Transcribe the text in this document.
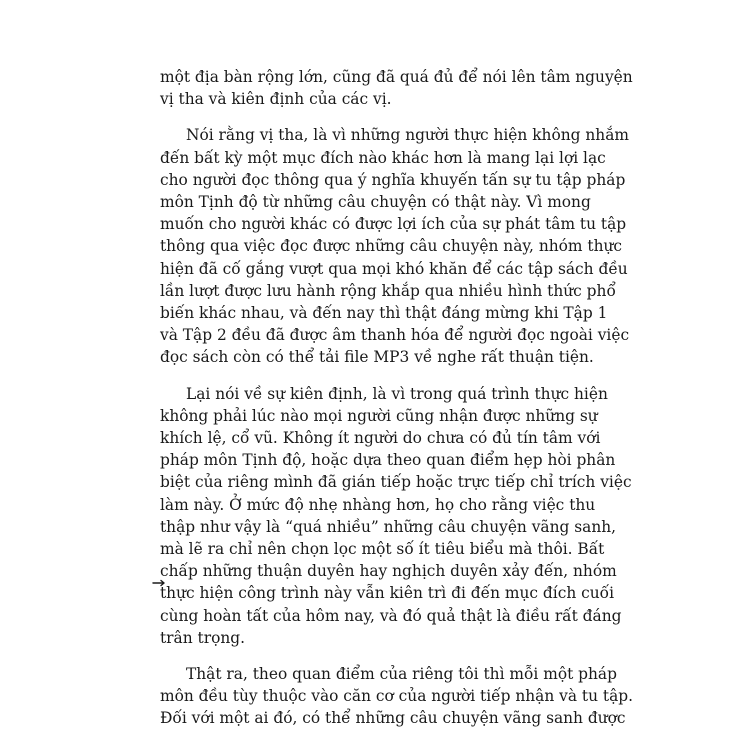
một địa bàn rộng lớn, cũng đã quá đủ để nói lên tâm nguyện
vị tha và kiên định của các vị.

Nói rằng vị tha, là vì những người thực hiện không nhắm
đến bất kỳ một mục đích nào khác hơn là mang lại lợi lạc
cho người đọc thông qua ý nghĩa khuyến tấn sự tu tập pháp
môn Tịnh độ từ những câu chuyện có thật này. Vì mong
muốn cho người khác có được lợi ích của sự phát tâm tu tập
thông qua việc đọc được những câu chuyện này, nhóm thực
hiện đã cố gắng vượt qua mọi khó khăn để các tập sách đều
lần lượt được lưu hành rộng khắp qua nhiều hình thức phổ
biến khác nhau, và đến nay thì thật đáng mừng khi Tập 1
và Tập 2 đều đã được âm thanh hóa để người đọc ngoài việc
đọc sách còn có thể tải file MP3 về nghe rất thuận tiện.

Lại nói về sự kiên định, là vì trong quá trình thực hiện
không phải lúc nào mọi người cũng nhận được những sự
khích lệ, cổ vũ. Không ít người do chưa có đủ tín tâm với
pháp môn Tịnh độ, hoặc dựa theo quan điểm hẹp hòi phân
biệt của riêng mình đã gián tiếp hoặc trực tiếp chỉ trích việc
làm này. Ở mức độ nhẹ nhàng hơn, họ cho rằng việc thu
thập như vậy là “quá nhiều” những câu chuyện vãng sanh,
mà lẽ ra chỉ nên chọn lọc một số ít tiêu biểu mà thôi. Bất
chấp những thuận duyên hay nghịch duyên xảy đến, nhóm
thực hiện công trình này vẫn kiên trì đi đến mục đích cuối
cùng hoàn tất của hôm nay, và đó quả thật là điều rất đáng
trân trọng.

Thật ra, theo quan điểm của riêng tôi thì mỗi một pháp
môn đều tùy thuộc vào căn cơ của người tiếp nhận và tu tập.
Đối với một ai đó, có thể những câu chuyện vãng sanh được
